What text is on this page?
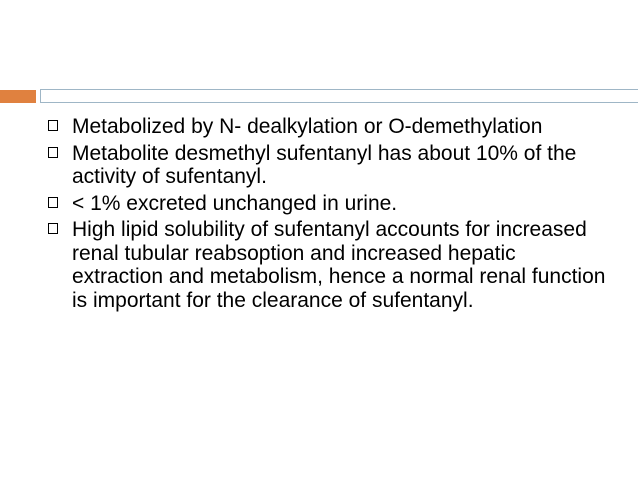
Metabolized by N- dealkylation or O-demethylation
Metabolite desmethyl sufentanyl has about 10% of the activity of sufentanyl.
< 1% excreted unchanged in urine.
High lipid solubility of sufentanyl accounts for increased renal tubular reabsoption and increased hepatic extraction and metabolism, hence a normal renal function is important for the clearance of sufentanyl.
